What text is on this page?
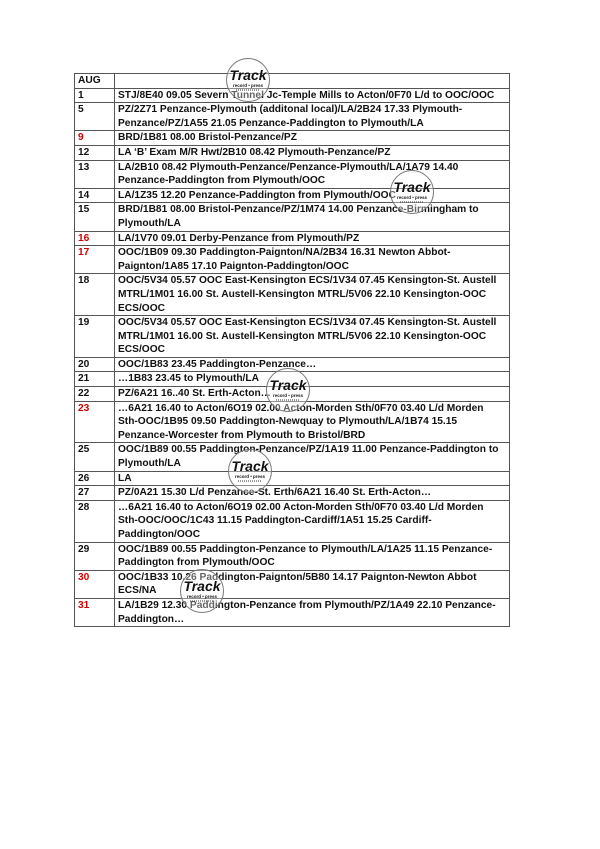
AUG	
1	STJ/8E40 09.05 Severn Tunnel Jc-Temple Mills to Acton/0F70 L/d to OOC/OOC
5	PZ/2Z71 Penzance-Plymouth (additonal local)/LA/2B24 17.33 Plymouth-Penzance/PZ/1A55 21.05 Penzance-Paddington to Plymouth/LA
9	BRD/1B81 08.00 Bristol-Penzance/PZ
12	LA ‘B’ Exam M/R Hwt/2B10 08.42 Plymouth-Penzance/PZ
13	LA/2B10 08.42 Plymouth-Penzance/Penzance-Plymouth/LA/1A79 14.40 Penzance-Paddington from Plymouth/OOC
14	LA/1Z35 12.20 Penzance-Paddington from Plymouth/OOC
15	BRD/1B81 08.00 Bristol-Penzance/PZ/1M74 14.00 Penzance-Birmingham to Plymouth/LA
16	LA/1V70 09.01 Derby-Penzance from Plymouth/PZ
17	OOC/1B09 09.30 Paddington-Paignton/NA/2B34 16.31 Newton Abbot-Paignton/1A85 17.10 Paignton-Paddington/OOC
18	OOC/5V34 05.57 OOC East-Kensington ECS/1V34 07.45 Kensington-St. Austell MTRL/1M01 16.00 St. Austell-Kensington MTRL/5V06 22.10 Kensington-OOC ECS/OOC
19	OOC/5V34 05.57 OOC East-Kensington ECS/1V34 07.45 Kensington-St. Austell MTRL/1M01 16.00 St. Austell-Kensington MTRL/5V06 22.10 Kensington-OOC ECS/OOC
20	OOC/1B83 23.45 Paddington-Penzance…
21	…1B83 23.45 to Plymouth/LA
22	PZ/6A21 16..40 St. Erth-Acton…
23	…6A21 16.40 to Acton/6O19 02.00 Acton-Morden Sth/0F70 03.40 L/d Morden Sth-OOC/1B95 09.50 Paddington-Newquay to Plymouth/LA/1B74 15.15 Penzance-Worcester from Plymouth to Bristol/BRD
25	OOC/1B89 00.55 Paddington-Penzance/PZ/1A19 11.00 Penzance-Paddington to Plymouth/LA
26	LA
27	PZ/0A21 15.30 L/d Penzance-St. Erth/6A21 16.40 St. Erth-Acton…
28	…6A21 16.40 to Acton/6O19 02.00 Acton-Morden Sth/0F70 03.40 L/d Morden Sth-OOC/OOC/1C43 11.15 Paddington-Cardiff/1A51 15.25 Cardiff-Paddington/OOC
29	OOC/1B89 00.55 Paddington-Penzance to Plymouth/LA/1A25 11.15 Penzance-Paddington from Plymouth/OOC
30	OOC/1B33 10.26 Paddington-Paignton/5B80 14.17 Paignton-Newton Abbot ECS/NA
31	LA/1B29 12.30 Paddington-Penzance from Plymouth/PZ/1A49 22.10 Penzance-Paddington…
Track
record • press
Track
record • press
Track
record • press
Track
record • press
Track
record • press
